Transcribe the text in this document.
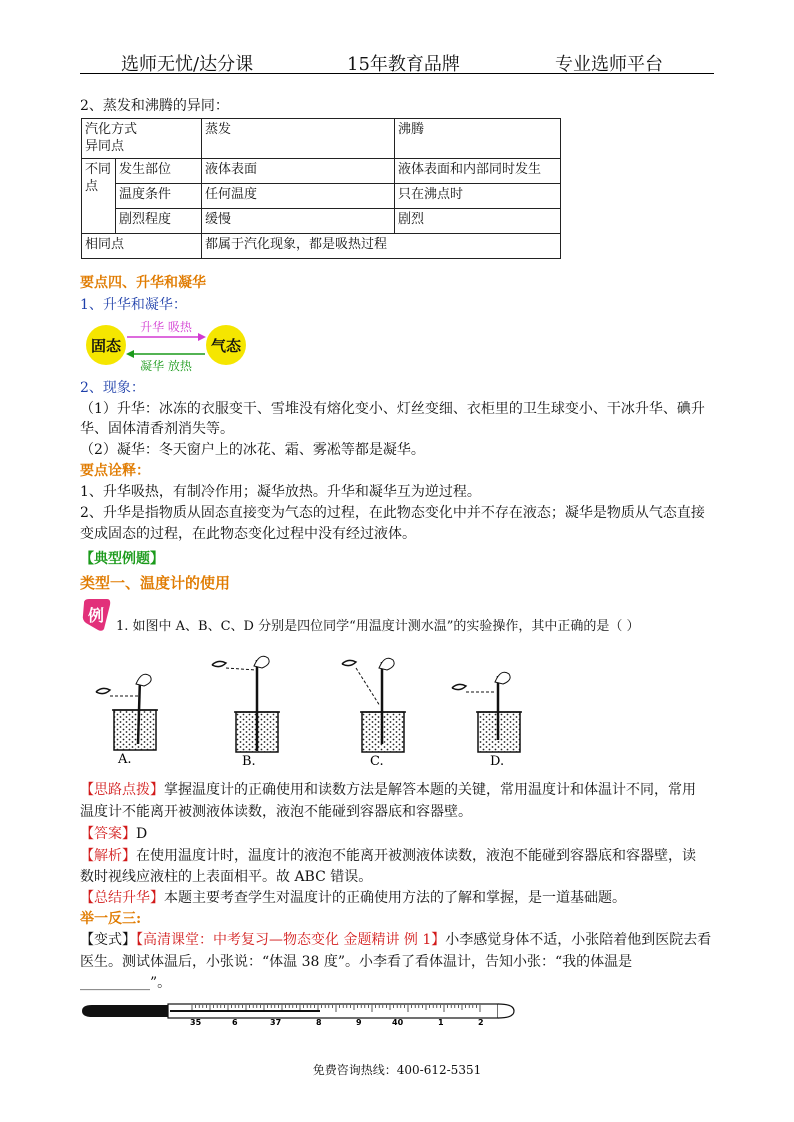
选师无忧/达分课	15年教育品牌	专业选师平台
2、蒸发和沸腾的异同：
汽化方式
异同点		蒸发	沸腾

不同
点	发生部位	液体表面	液体表面和内部同时发生
	温度条件	任何温度	只在沸点时
	剧烈程度	缓慢	剧烈
相同点		都属于汽化现象，都是吸热过程	
要点四、升华和凝华
1、升华和凝华：
固态	气态
升华 吸热
凝华 放热
2、现象：
（1）升华：冰冻的衣服变干、雪堆没有熔化变小、灯丝变细、衣柜里的卫生球变小、干冰升华、碘升
华、固体清香剂消失等。
（2）凝华：冬天窗户上的冰花、霜、雾凇等都是凝华。
要点诠释：
1、升华吸热，有制冷作用；凝华放热。升华和凝华互为逆过程。
2、升华是指物质从固态直接变为气态的过程，在此物态变化中并不存在液态；凝华是物质从气态直接
变成固态的过程，在此物态变化过程中没有经过液体。
【典型例题】
类型一、温度计的使用
例
1. 如图中 A、B、C、D 分别是四位同学“用温度计测水温”的实验操作，其中正确的是（ ）
A.	B.	C.	D.
【思路点拨】掌握温度计的正确使用和读数方法是解答本题的关键，常用温度计和体温计不同，常用
温度计不能离开被测液体读数，液泡不能碰到容器底和容器壁。
【答案】D
【解析】在使用温度计时，温度计的液泡不能离开被测液体读数，液泡不能碰到容器底和容器壁，读
数时视线应液柱的上表面相平。故 ABC 错误。
【总结升华】本题主要考查学生对温度计的正确使用方法的了解和掌握，是一道基础题。
举一反三:
【变式】【高清课堂：中考复习—物态变化 金题精讲 例 1】小李感觉身体不适，小张陪着他到医院去看
医生。测试体温后，小张说：“体温 38 度”。小李看了看体温计，告知小张：“我的体温是
__________”。
35	6	37	8	9	40	1	2
免费咨询热线：400-612-5351
